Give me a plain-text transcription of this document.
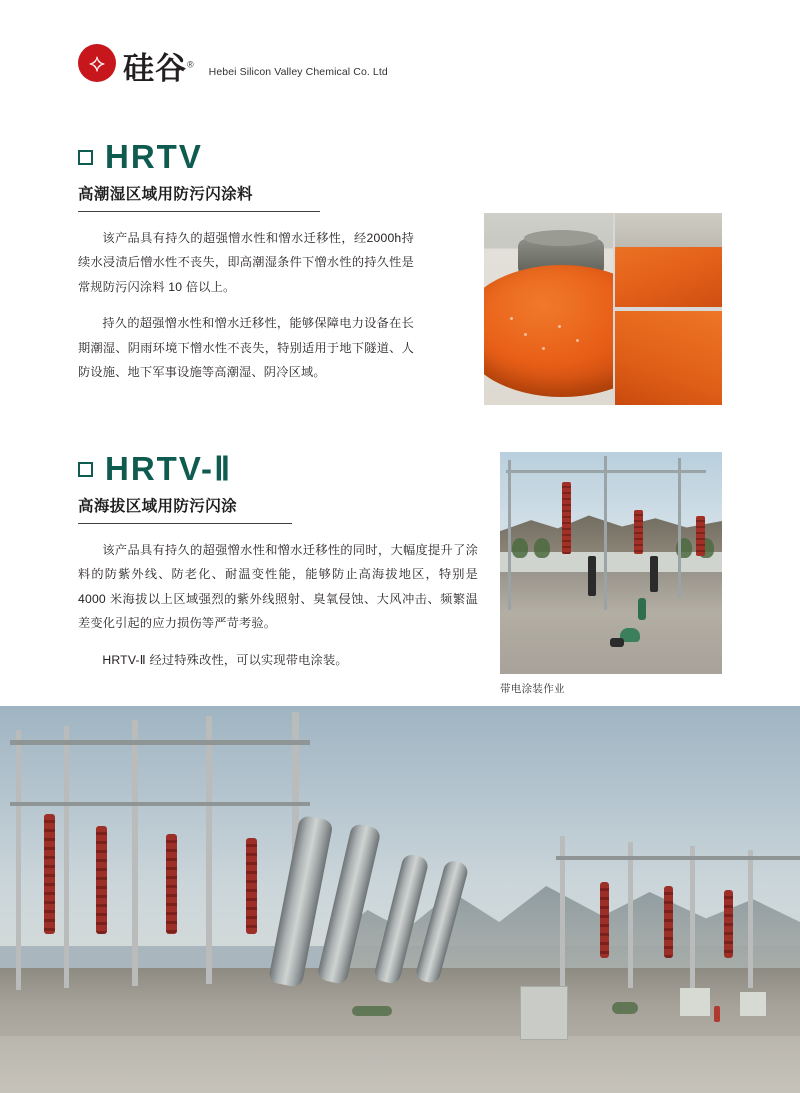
⟡ 硅谷®
Hebei Silicon Valley Chemical Co. Ltd
HRTV
高潮湿区域用防污闪涂料

该产品具有持久的超强憎水性和憎水迁移性，经2000h持续水浸渍后憎水性不丧失，即高潮湿条件下憎水性的持久性是常规防污闪涂料 10 倍以上。

持久的超强憎水性和憎水迁移性，能够保障电力设备在长期潮湿、阴雨环境下憎水性不丧失，特别适用于地下隧道、人防设施、地下军事设施等高潮湿、阴冷区域。

HRTV-Ⅱ
高海拔区域用防污闪涂

该产品具有持久的超强憎水性和憎水迁移性的同时，大幅度提升了涂料的防紫外线、防老化、耐温变性能，能够防止高海拔地区，特别是 4000 米海拔以上区域强烈的紫外线照射、臭氧侵蚀、大风冲击、频繁温差变化引起的应力损伤等严苛考验。

HRTV-Ⅱ 经过特殊改性，可以实现带电涂装。

带电涂装作业
